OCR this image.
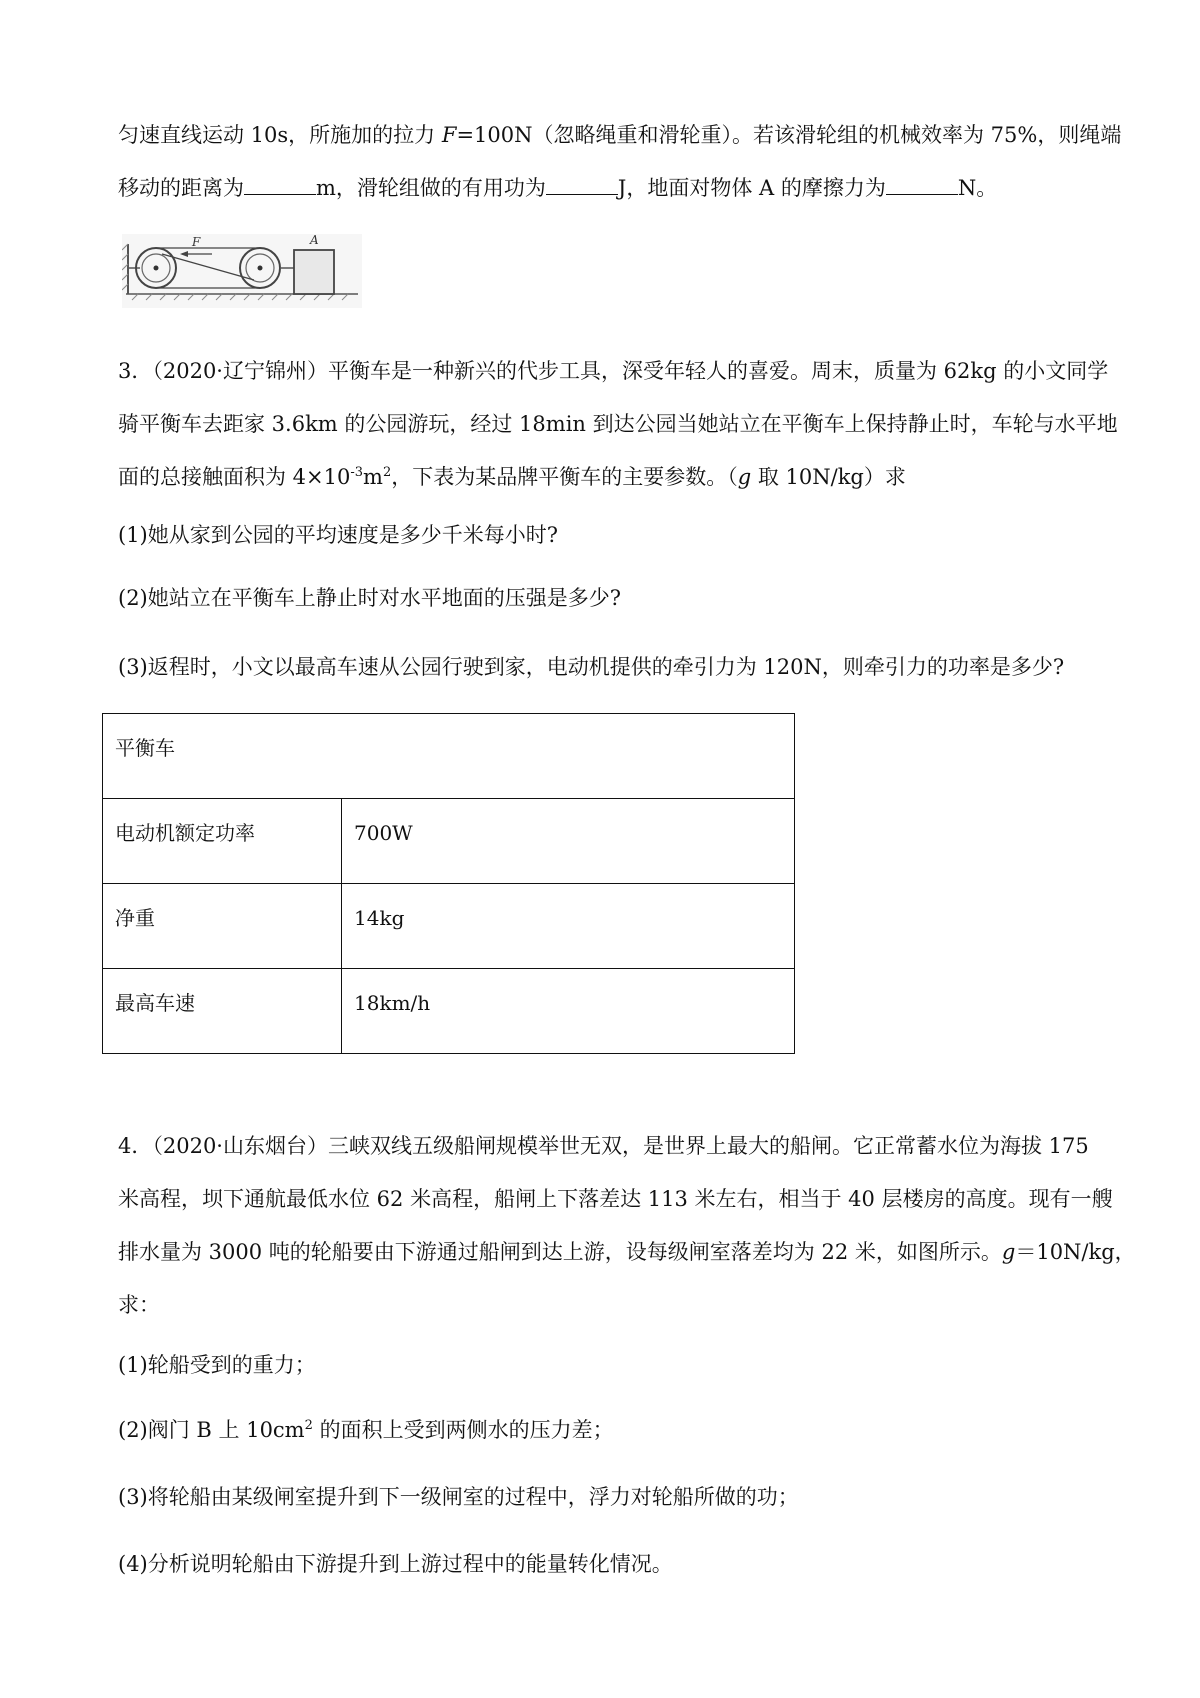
匀速直线运动 10s，所施加的拉力 F=100N（忽略绳重和滑轮重）。若该滑轮组的机械效率为 75%，则绳端
移动的距离为	m，滑轮组做的有用功为	J，地面对物体 A 的摩擦力为	N。
F	A
3．（2020·辽宁锦州）平衡车是一种新兴的代步工具，深受年轻人的喜爱。周末，质量为 62kg 的小文同学
骑平衡车去距家 3.6km 的公园游玩，经过 18min 到达公园当她站立在平衡车上保持静止时，车轮与水平地
面的总接触面积为 $4\times 10^{-3}m^2$，下表为某品牌平衡车的主要参数。（g 取 10N/kg）求
(1)她从家到公园的平均速度是多少千米每小时?
(2)她站立在平衡车上静止时对水平地面的压强是多少?
(3)返程时，小文以最高车速从公园行驶到家，电动机提供的牵引力为 120N，则牵引力的功率是多少?
平衡车	
电动机额定功率	700W
净重	14kg
最高车速	18km/h
4．（2020·山东烟台）三峡双线五级船闸规模举世无双，是世界上最大的船闸。它正常蓄水位为海拔 175
米高程，坝下通航最低水位 62 米高程，船闸上下落差达 113 米左右，相当于 40 层楼房的高度。现有一艘
排水量为 3000 吨的轮船要由下游通过船闸到达上游，设每级闸室落差均为 22 米，如图所示。g＝10N/kg，
求：
(1)轮船受到的重力；
(2)阀门 B 上 $10cm^2$ 的面积上受到两侧水的压力差；
(3)将轮船由某级闸室提升到下一级闸室的过程中，浮力对轮船所做的功；
(4)分析说明轮船由下游提升到上游过程中的能量转化情况。
